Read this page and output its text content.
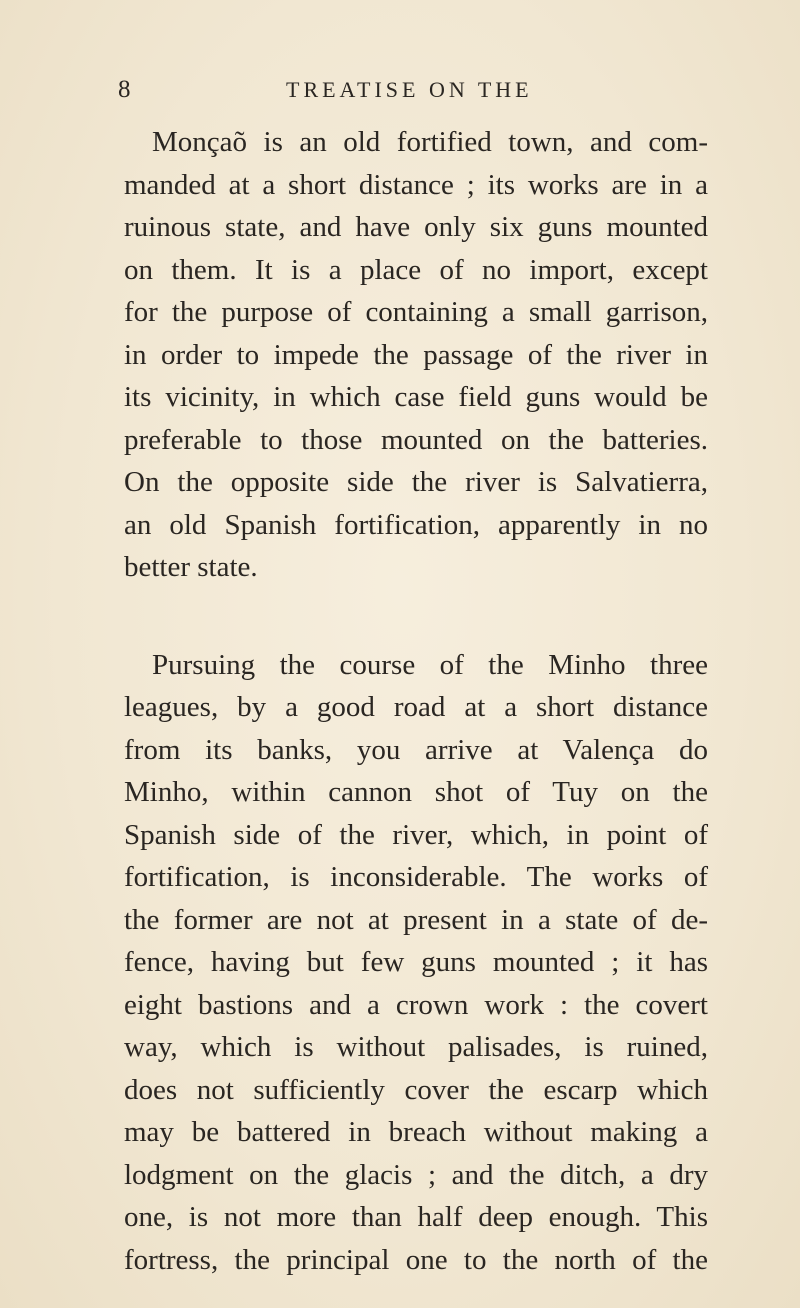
8	TREATISE ON THE
Monçaõ is an old fortified town, and com-
manded at a short distance ; its works are in a
ruinous state, and have only six guns mounted
on them. It is a place of no import, except
for the purpose of containing a small garrison,
in order to impede the passage of the river in
its vicinity, in which case field guns would be
preferable to those mounted on the batteries.
On the opposite side the river is Salvatierra,
an old Spanish fortification, apparently in no
better state.
Pursuing the course of the Minho three
leagues, by a good road at a short distance
from its banks, you arrive at Valença do
Minho, within cannon shot of Tuy on the
Spanish side of the river, which, in point of
fortification, is inconsiderable. The works of
the former are not at present in a state of de-
fence, having but few guns mounted ; it has
eight bastions and a crown work : the covert
way, which is without palisades, is ruined,
does not sufficiently cover the escarp which
may be battered in breach without making a
lodgment on the glacis ; and the ditch, a dry
one, is not more than half deep enough. This
fortress, the principal one to the north of the
